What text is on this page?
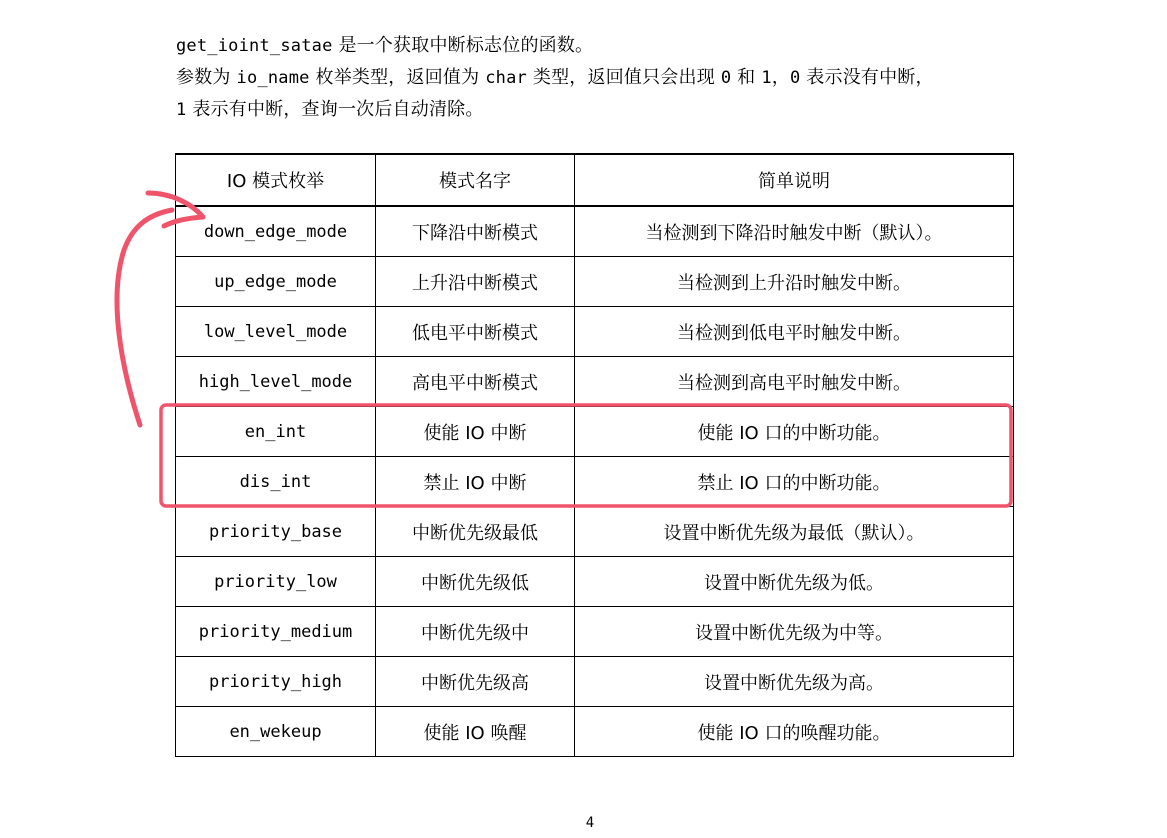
get_ioint_satae 是一个获取中断标志位的函数。

参数为 io_name 枚举类型，返回值为 char 类型，返回值只会出现 0 和 1，0 表示没有中断，

1 表示有中断，查询一次后自动清除。

IO 模式枚举	模式名字	简单说明
down_edge_mode	下降沿中断模式	当检测到下降沿时触发中断（默认）。
up_edge_mode	上升沿中断模式	当检测到上升沿时触发中断。
low_level_mode	低电平中断模式	当检测到低电平时触发中断。
high_level_mode	高电平中断模式	当检测到高电平时触发中断。
en_int	使能 IO 中断	使能 IO 口的中断功能。
dis_int	禁止 IO 中断	禁止 IO 口的中断功能。
priority_base	中断优先级最低	设置中断优先级为最低（默认）。
priority_low	中断优先级低	设置中断优先级为低。
priority_medium	中断优先级中	设置中断优先级为中等。
priority_high	中断优先级高	设置中断优先级为高。
en_wekeup	使能 IO 唤醒	使能 IO 口的唤醒功能。
4
